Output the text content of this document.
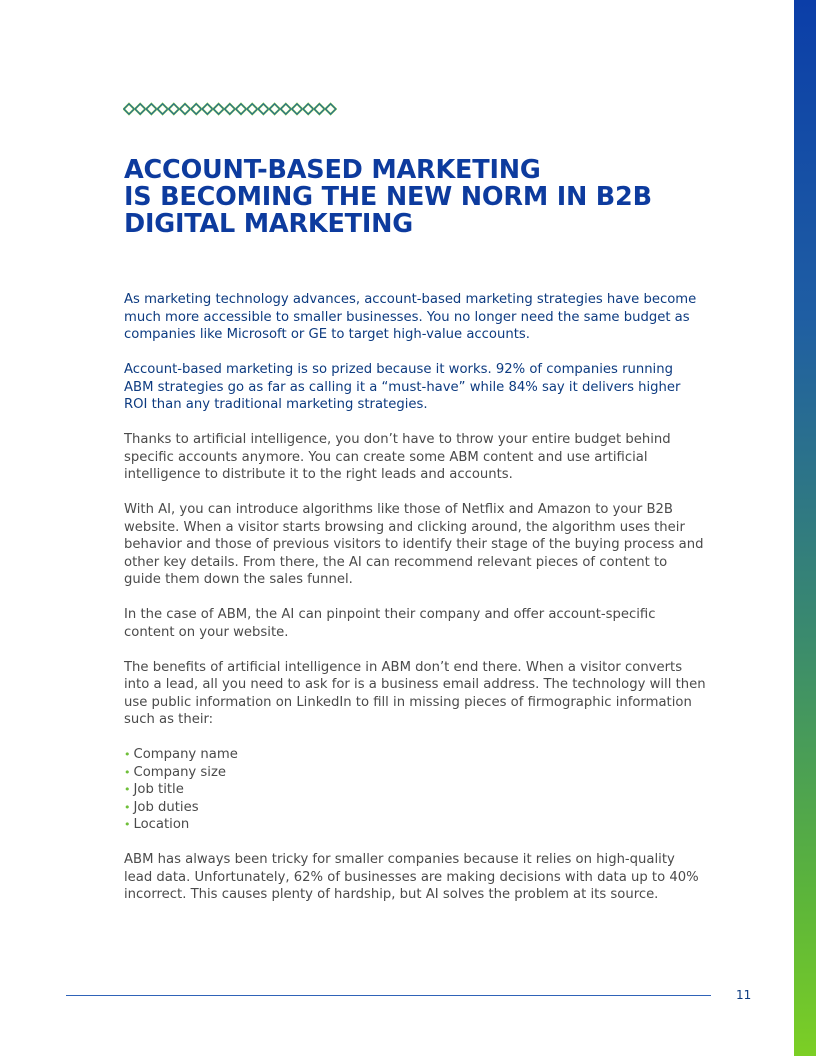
ACCOUNT-BASED MARKETING
IS BECOMING THE NEW NORM IN B2B
DIGITAL MARKETING

As marketing technology advances, account-based marketing strategies have become much more accessible to smaller businesses. You no longer need the same budget as companies like Microsoft or GE to target high-value accounts.

Account-based marketing is so prized because it works. 92% of companies running ABM strategies go as far as calling it a “must-have” while 84% say it delivers higher ROI than any traditional marketing strategies.

Thanks to artificial intelligence, you don’t have to throw your entire budget behind specific accounts anymore. You can create some ABM content and use artificial intelligence to distribute it to the right leads and accounts.

With AI, you can introduce algorithms like those of Netflix and Amazon to your B2B website. When a visitor starts browsing and clicking around, the algorithm uses their behavior and those of previous visitors to identify their stage of the buying process and other key details. From there, the AI can recommend relevant pieces of content to guide them down the sales funnel.

In the case of ABM, the AI can pinpoint their company and offer account-specific content on your website.

The benefits of artificial intelligence in ABM don’t end there. When a visitor converts into a lead, all you need to ask for is a business email address. The technology will then use public information on LinkedIn to fill in missing pieces of firmographic information such as their:

• Company name
• Company size
• Job title
• Job duties
• Location

ABM has always been tricky for smaller companies because it relies on high-quality lead data. Unfortunately, 62% of businesses are making decisions with data up to 40% incorrect. This causes plenty of hardship, but AI solves the problem at its source.

11
